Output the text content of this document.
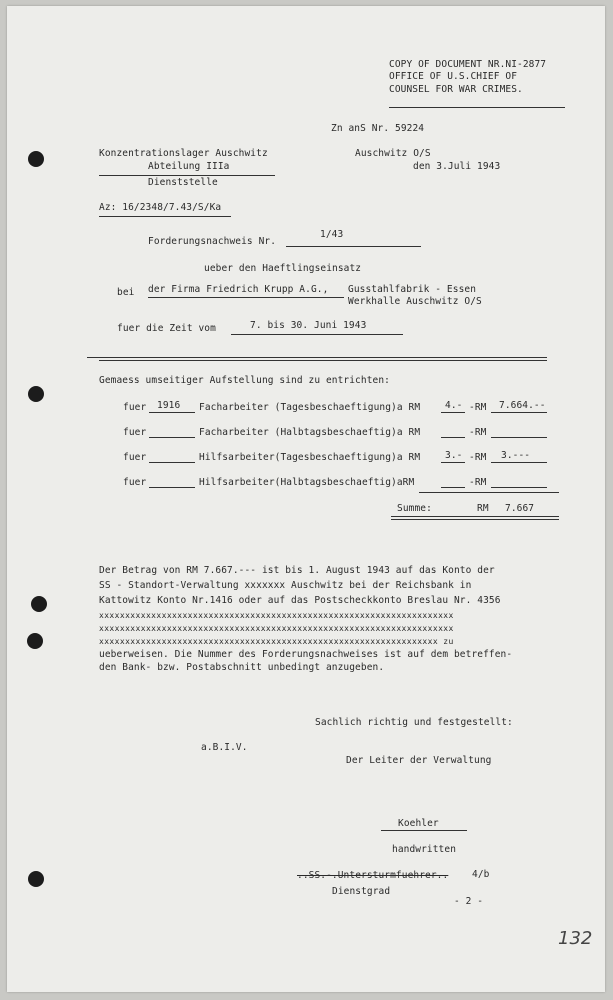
COPY OF DOCUMENT NR.NI-2877
OFFICE OF U.S.CHIEF OF
COUNSEL FOR WAR CRIMES.
Zn anS Nr. 59224
Konzentrationslager Auschwitz
Abteilung IIIa
Dienststelle
Az: 16/2348/7.43/S/Ka
Auschwitz O/S
den 3.Juli 1943
Forderungsnachweis Nr.
1/43
ueber den Haeftlingseinsatz
bei der Firma Friedrich Krupp A.G., Gusstahlfabrik - Essen
Werkhalle Auschwitz O/S
fuer die Zeit vom	7. bis 30. Juni 1943
Gemaess umseitiger Aufstellung sind zu entrichten:
fuer 1916 Facharbeiter (Tagesbeschaeftigung)a RM	4.- -RM 7.664.--
fuer	Facharbeiter (Halbtagsbeschaeftig)a RM	-RM
fuer	Hilfsarbeiter(Tagesbeschaeftigung)a RM	3.- -RM 3.---
fuer	Hilfsarbeiter(Halbtagsbeschaeftig)aRM	-RM
Summe:	RM 7.667
Der Betrag von RM 7.667.--- ist bis 1. August 1943 auf das Konto der
SS - Standort-Verwaltung xxxxxxx Auschwitz bei der Reichsbank in
Kattowitz Konto Nr.1416 oder auf das Postscheckkonto Breslau Nr. 4356
xxxxxxxxxxxxxxxxxxxxxxxxxxxxxxxxxxxxxxxxxxxxxxxxxxxxxxxxxxxxxxxxxxxx
xxxxxxxxxxxxxxxxxxxxxxxxxxxxxxxxxxxxxxxxxxxxxxxxxxxxxxxxxxxxxxxxxxxx
xxxxxxxxxxxxxxxxxxxxxxxxxxxxxxxxxxxxxxxxxxxxxxxxxxxxxxxxxxxxxxxxx zu
ueberweisen. Die Nummer des Forderungsnachweises ist auf dem betreffen-
den Bank- bzw. Postabschnitt unbedingt anzugeben.
Sachlich richtig und festgestellt:
a.B.I.V.
Der Leiter der Verwaltung
Koehler
handwritten
..SS.-.Untersturmfuehrer.. 4/b
Dienstgrad
- 2 -
132
